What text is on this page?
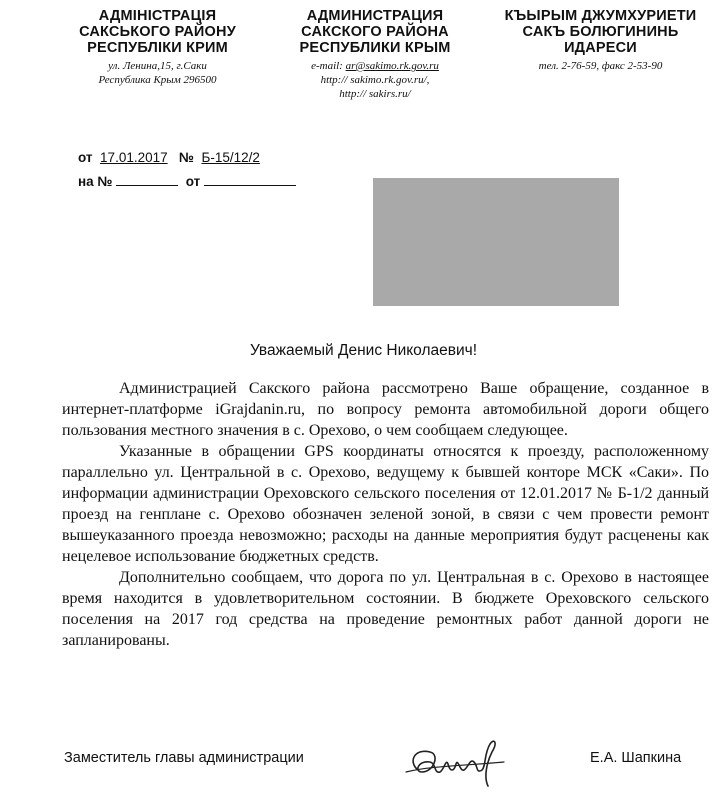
АДМІНІСТРАЦІЯ
САКСЬКОГО РАЙОНУ
РЕСПУБЛІКИ КРИМ
ул. Ленина,15, г.Саки
Республика Крым 296500
АДМИНИСТРАЦИЯ
САКСКОГО РАЙОНА
РЕСПУБЛИКИ КРЫМ
e-mail: ar@sakimo.rk.gov.ru
http:// sakimo.rk.gov.ru/,
http:// sakirs.ru/
КЪЫРЫМ ДЖУМХУРИЕТИ
САКЪ БОЛЮГИНИНЬ
ИДАРЕСИ
тел. 2-76-59, факс 2-53-90
от 17.01.2017 № Б-15/12/2
на №	от
Уважаемый Денис Николаевич!

Администрацией Сакского района рассмотрено Ваше обращение, созданное в интернет-платформе iGrajdanin.ru, по вопросу ремонта автомобильной дороги общего пользования местного значения в с. Орехово, о чем сообщаем следующее.

Указанные в обращении GPS координаты относятся к проезду, расположенному параллельно ул. Центральной в с. Орехово, ведущему к бывшей конторе МСК «Саки». По информации администрации Ореховского сельского поселения от 12.01.2017 № Б-1/2 данный проезд на генплане с. Орехово обозначен зеленой зоной, в связи с чем провести ремонт вышеуказанного проезда невозможно; расходы на данные мероприятия будут расценены как нецелевое использование бюджетных средств.

Дополнительно сообщаем, что дорога по ул. Центральная в с. Орехово в настоящее время находится в удовлетворительном состоянии. В бюджете Ореховского сельского поселения на 2017 год средства на проведение ремонтных работ данной дороги не запланированы.

Заместитель главы администрации	Е.А. Шапкина
